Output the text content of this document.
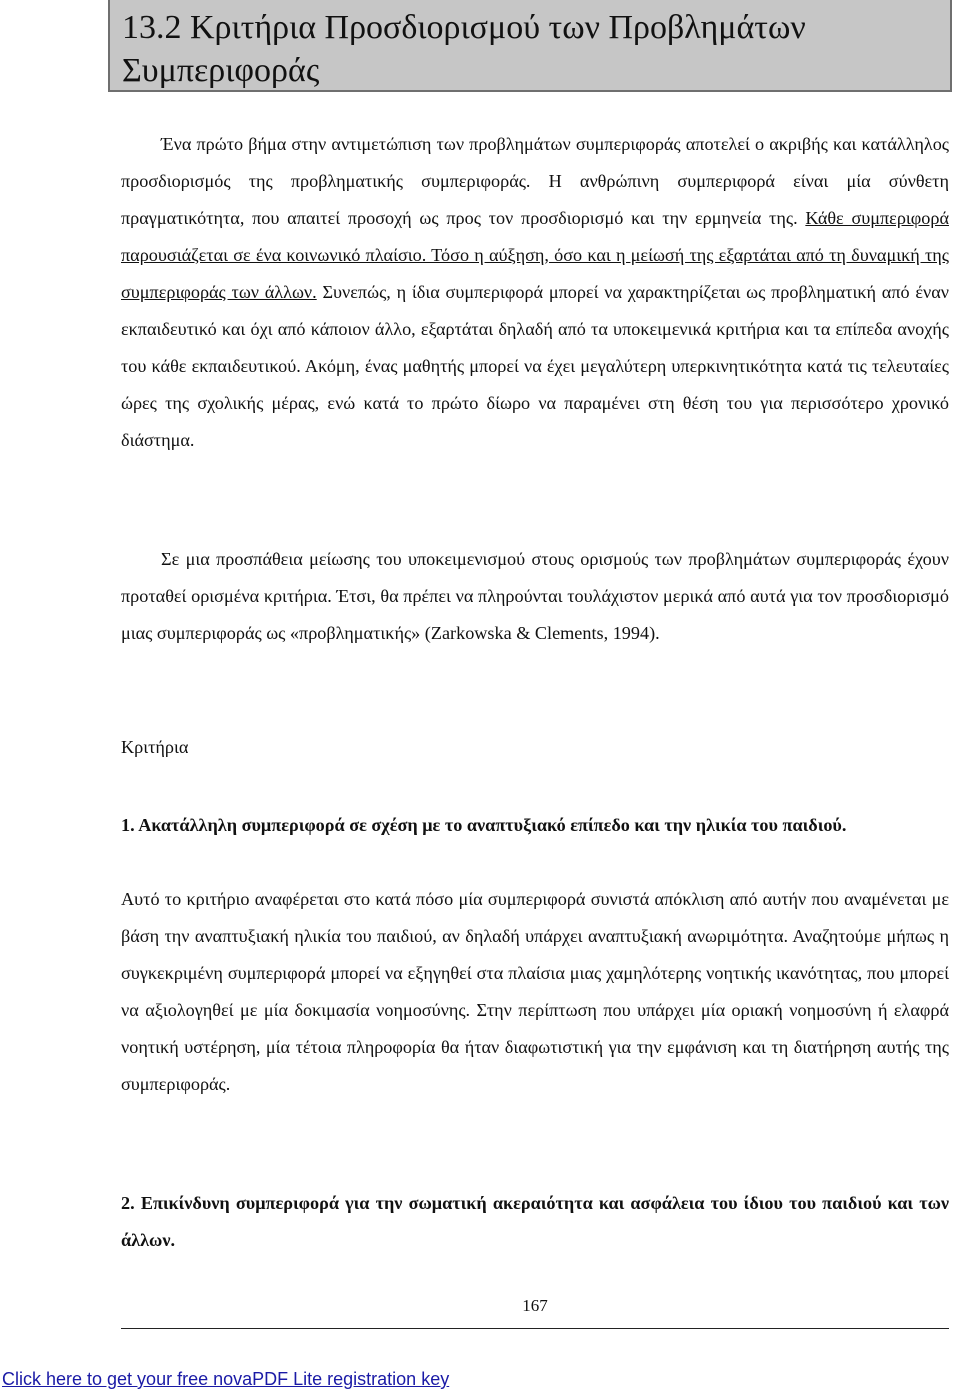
13.2 Κριτήρια Προσδιορισμού των Προβλημάτων Συμπεριφοράς

Ένα πρώτο βήμα στην αντιμετώπιση των προβλημάτων συμπεριφοράς αποτελεί ο ακριβής και κατάλληλος προσδιορισμός της προβληματικής συμπεριφοράς. Η ανθρώπινη συμπεριφορά είναι μία σύνθετη πραγματικότητα, που απαιτεί προσοχή ως προς τον προσδιορισμό και την ερμηνεία της. Κάθε συμπεριφορά παρουσιάζεται σε ένα κοινωνικό πλαίσιο. Τόσο η αύξηση, όσο και η μείωσή της εξαρτάται από τη δυναμική της συμπεριφοράς των άλλων. Συνεπώς, η ίδια συμπεριφορά μπορεί να χαρακτηρίζεται ως προβληματική από έναν εκπαιδευτικό και όχι από κάποιον άλλο, εξαρτάται δηλαδή από τα υποκειμενικά κριτήρια και τα επίπεδα ανοχής του κάθε εκπαιδευτικού. Ακόμη, ένας μαθητής μπορεί να έχει μεγαλύτερη υπερκινητικότητα κατά τις τελευταίες ώρες της σχολικής μέρας, ενώ κατά το πρώτο δίωρο να παραμένει στη θέση του για περισσότερο χρονικό διάστημα.

Σε μια προσπάθεια μείωσης του υποκειμενισμού στους ορισμούς των προβλημάτων συμπεριφοράς έχουν προταθεί ορισμένα κριτήρια. Έτσι, θα πρέπει να πληρούνται τουλάχιστον μερικά από αυτά για τον προσδιορισμό μιας συμπεριφοράς ως «προβληματικής» (Zarkowska & Clements, 1994).

Κριτήρια

1. Ακατάλληλη συμπεριφορά σε σχέση με το αναπτυξιακό επίπεδο και την ηλικία του παιδιού.

Αυτό το κριτήριο αναφέρεται στο κατά πόσο μία συμπεριφορά συνιστά απόκλιση από αυτήν που αναμένεται με βάση την αναπτυξιακή ηλικία του παιδιού, αν δηλαδή υπάρχει αναπτυξιακή ανωριμότητα. Αναζητούμε μήπως η συγκεκριμένη συμπεριφορά μπορεί να εξηγηθεί στα πλαίσια μιας χαμηλότερης νοητικής ικανότητας, που μπορεί να αξιολογηθεί με μία δοκιμασία νοημοσύνης. Στην περίπτωση που υπάρχει μία οριακή νοημοσύνη ή ελαφρά νοητική υστέρηση, μία τέτοια πληροφορία θα ήταν διαφωτιστική για την εμφάνιση και τη διατήρηση αυτής της συμπεριφοράς.

2. Επικίνδυνη συμπεριφορά για την σωματική ακεραιότητα και ασφάλεια του ίδιου του παιδιού και των άλλων.

167
Click here to get your free novaPDF Lite registration key
